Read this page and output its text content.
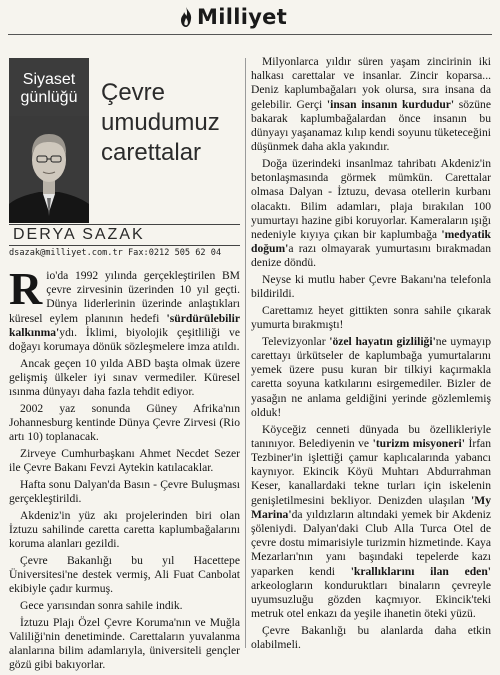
Milliyet
Siyaset
günlüğü Çevre
umudumuz
carettalar
DERYA SAZAK
dsazak@milliyet.com.tr Fax:0212 505 62 04

Rio'da 1992 yılında gerçekleştirilen BM çevre zirvesinin üzerinden 10 yıl geçti. Dünya liderlerinin üzerinde anlaştıkları küresel eylem planının hedefi 'sürdürülebilir kalkınma'ydı. İklimi, biyolojik çeşitliliği ve doğayı korumaya dönük sözleşmelere imza atıldı.

Ancak geçen 10 yılda ABD başta olmak üzere gelişmiş ülkeler iyi sınav vermediler. Küresel ısınma dünyayı daha fazla tehdit ediyor.

2002 yaz sonunda Güney Afrika'nın Johannesburg kentinde Dünya Çevre Zirvesi (Rio artı 10) toplanacak.

Zirveye Cumhurbaşkanı Ahmet Necdet Sezer ile Çevre Bakanı Fevzi Aytekin katılacaklar.

Hafta sonu Dalyan'da Basın - Çevre Buluşması gerçekleştirildi.

Akdeniz'in yüz akı projelerinden biri olan İztuzu sahilinde caretta caretta kaplumbağalarını koruma alanları gezildi.

Çevre Bakanlığı bu yıl Hacettepe Üniversitesi'ne destek vermiş, Ali Fuat Canbolat ekibiyle çadır kurmuş.

Gece yarısından sonra sahile indik.

İztuzu Plajı Özel Çevre Koruma'nın ve Muğla Valiliği'nin denetiminde. Carettaların yuvalanma alanlarına bilim adamlarıyla, üniversiteli gençler gözü gibi bakıyorlar.

Milyonlarca yıldır süren yaşam zincirinin iki halkası carettalar ve insanlar. Zincir koparsa... Deniz kaplumbağaları yok olursa, sıra insana da gelebilir. Gerçi 'insan insanın kurdudur' sözüne bakarak kaplumbağalardan önce insanın bu dünyayı yaşanamaz kılıp kendi soyunu tüketeceğini düşünmek daha akla yakındır.

Doğa üzerindeki insanlmaz tahribatı Akdeniz'in betonlaşmasında görmek mümkün. Carettalar olmasa Dalyan - İztuzu, devasa otellerin kurbanı olacaktı. Bilim adamları, plaja bırakılan 100 yumurtayı hazine gibi koruyorlar. Kameraların ışığı nedeniyle kıyıya çıkan bir kaplumbağa 'medyatik doğum'a razı olmayarak yumurtasını bırakmadan denize döndü.

Neyse ki mutlu haber Çevre Bakanı'na telefonla bildirildi.

Carettamız heyet gittikten sonra sahile çıkarak yumurta bırakmıştı!

Televizyonlar 'özel hayatın gizliliği'ne uymayıp carettayı ürkütseler de kaplumbağa yumurtalarını yemek üzere pusu kuran bir tilkiyi kaçırmakla caretta soyuna katkılarını esirgemediler. Bizler de yasağın ne anlama geldiğini yerinde gözlemlemiş olduk!

Köyceğiz cenneti dünyada bu özellikleriyle tanınıyor. Belediyenin ve 'turizm misyoneri' İrfan Tezbiner'in işlettiği çamur kaplıcalarında yabancı kaynıyor. Ekincik Köyü Muhtarı Abdurrahman Keser, kanallardaki tekne turları için iskelenin genişletilmesini bekliyor. Denizden ulaşılan 'My Marina'da yıldızların altındaki yemek bir Akdeniz şöleniydi. Dalyan'daki Club Alla Turca Otel de çevre dostu mimarisiyle turizmin hizmetinde. Kaya Mezarları'nın yanı başındaki tepelerde kazı yaparken kendi 'krallıklarını ilan eden' arkeologların konduruktları binaların çevreyle uyumsuzluğu gözden kaçmıyor. Ekincik'teki metruk otel enkazı da yeşile ihanetin öteki yüzü.

Çevre Bakanlığı bu alanlarda daha etkin olabilmeli.
